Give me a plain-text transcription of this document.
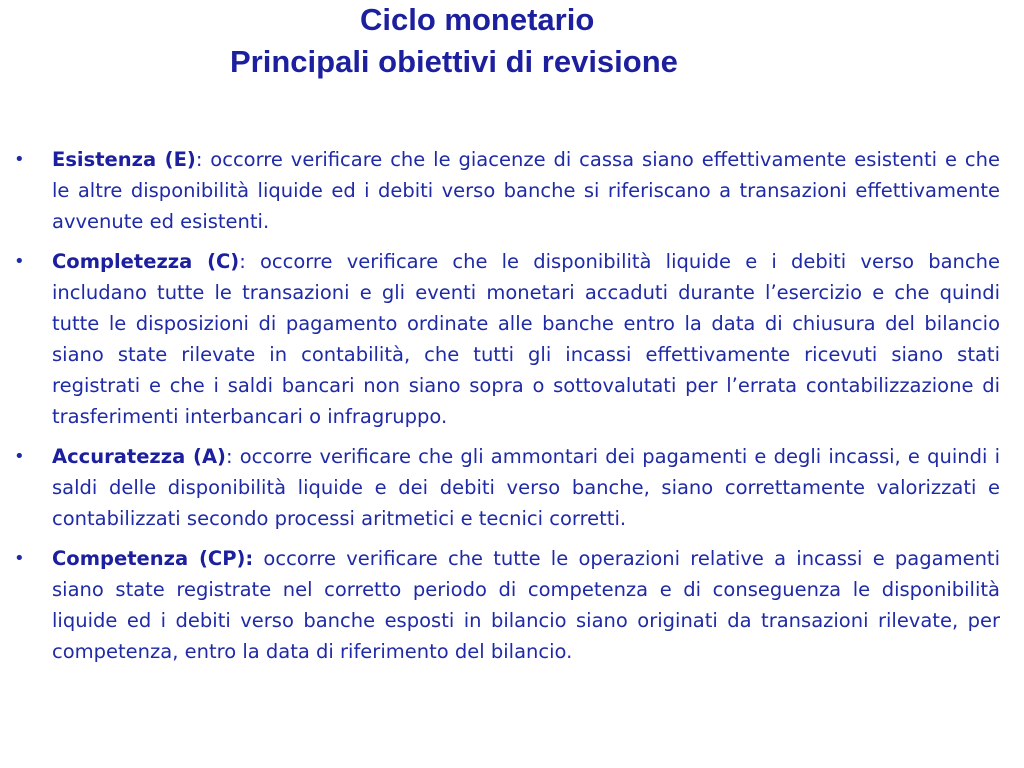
Ciclo monetario
Principali obiettivi di revisione
• Esistenza (E): occorre verificare che le giacenze di cassa siano effettivamente esistenti e che le altre disponibilità liquide ed i debiti verso banche si riferiscano a transazioni effettivamente avvenute ed esistenti.
• Completezza (C): occorre verificare che le disponibilità liquide e i debiti verso banche includano tutte le transazioni e gli eventi monetari accaduti durante l’esercizio e che quindi tutte le disposizioni di pagamento ordinate alle banche entro la data di chiusura del bilancio siano state rilevate in contabilità, che tutti gli incassi effettivamente ricevuti siano stati registrati e che i saldi bancari non siano sopra o sottovalutati per l’errata contabilizzazione di trasferimenti interbancari o infragruppo.
• Accuratezza (A): occorre verificare che gli ammontari dei pagamenti e degli incassi, e quindi i saldi delle disponibilità liquide e dei debiti verso banche, siano correttamente valorizzati e contabilizzati secondo processi aritmetici e tecnici corretti.
• Competenza (CP): occorre verificare che tutte le operazioni relative a incassi e pagamenti siano state registrate nel corretto periodo di competenza e di conseguenza le disponibilità liquide ed i debiti verso banche esposti in bilancio siano originati da transazioni rilevate, per competenza, entro la data di riferimento del bilancio.
